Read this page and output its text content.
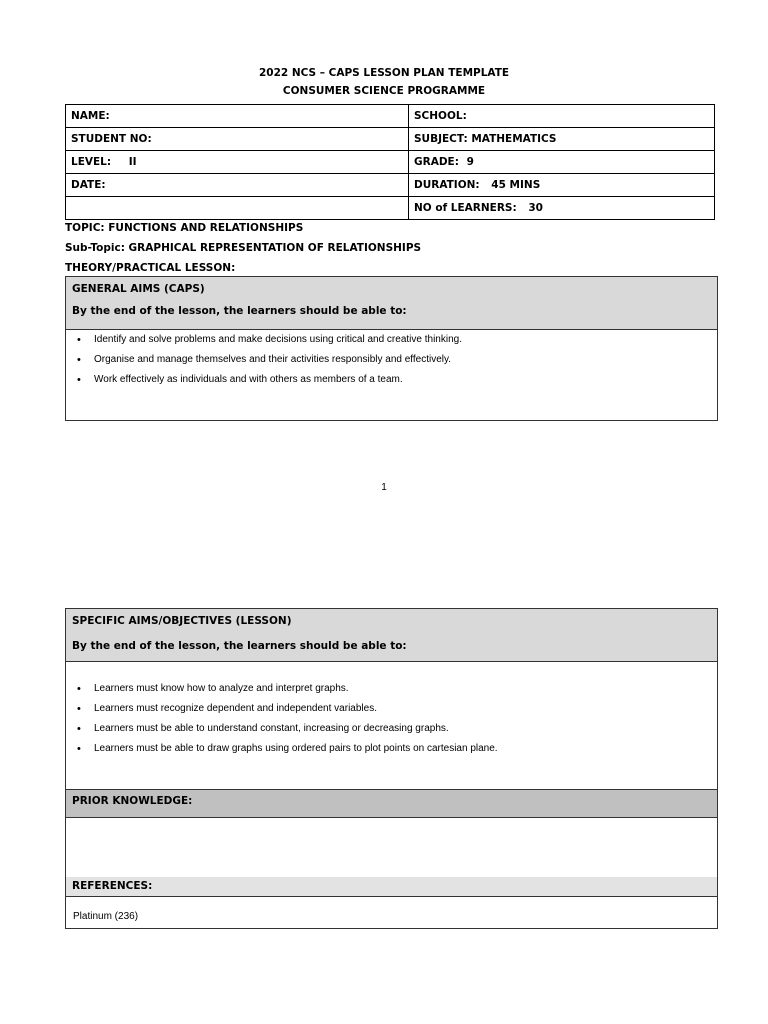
2022 NCS – CAPS LESSON PLAN TEMPLATE
CONSUMER SCIENCE PROGRAMME
NAME:	SCHOOL:
STUDENT NO:	SUBJECT: MATHEMATICS
LEVEL: II	GRADE: 9
DATE:	DURATION: 45 MINS
	NO of LEARNERS: 30
TOPIC: FUNCTIONS AND RELATIONSHIPS
Sub-Topic: GRAPHICAL REPRESENTATION OF RELATIONSHIPS
THEORY/PRACTICAL LESSON:
GENERAL AIMS (CAPS)
By the end of the lesson, the learners should be able to:
• Identify and solve problems and make decisions using critical and creative thinking.
• Organise and manage themselves and their activities responsibly and effectively.
• Work effectively as individuals and with others as members of a team.
1
SPECIFIC AIMS/OBJECTIVES (LESSON)
By the end of the lesson, the learners should be able to:
• Learners must know how to analyze and interpret graphs.
• Learners must recognize dependent and independent variables.
• Learners must be able to understand constant, increasing or decreasing graphs.
• Learners must be able to draw graphs using ordered pairs to plot points on cartesian plane.
PRIOR KNOWLEDGE:
REFERENCES:
Platinum (236)
